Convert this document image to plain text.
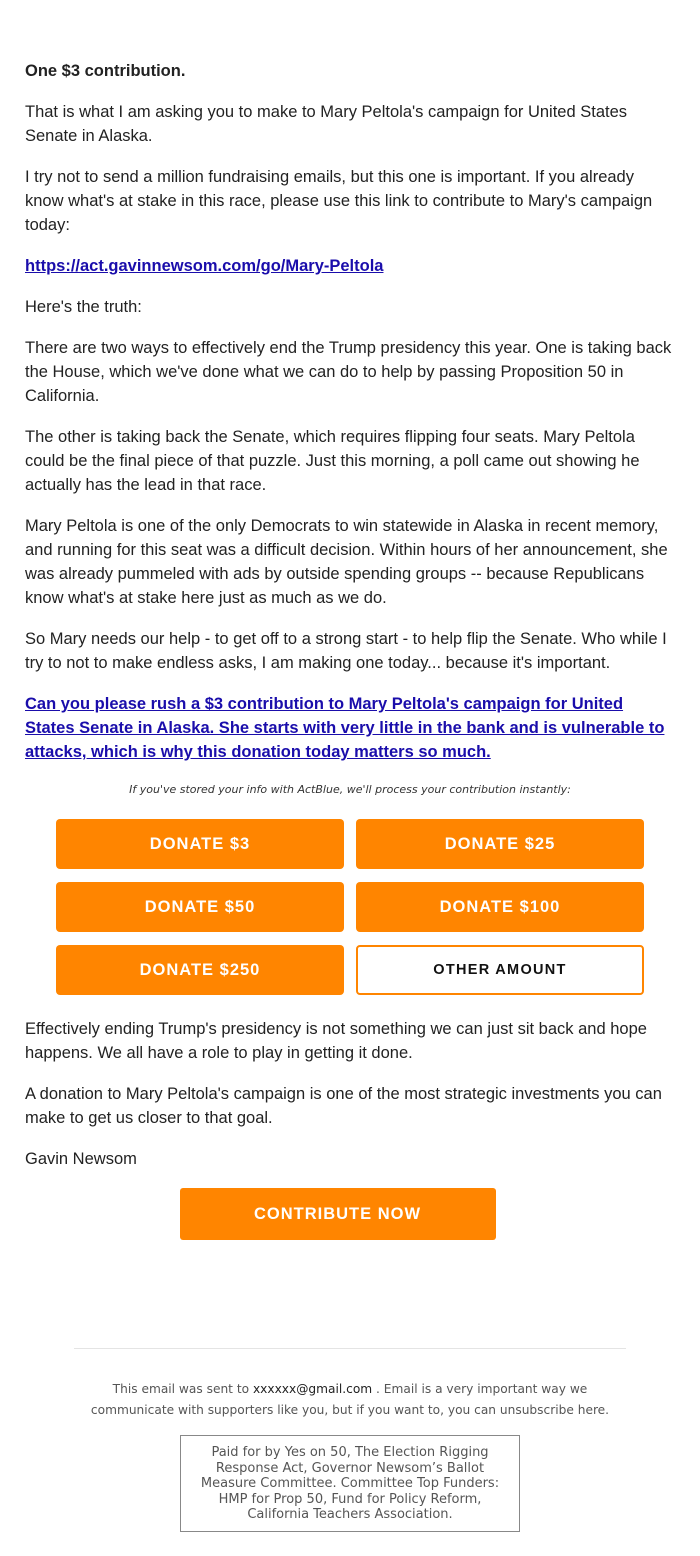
One $3 contribution.

That is what I am asking you to make to Mary Peltola's campaign for United States Senate in Alaska.

I try not to send a million fundraising emails, but this one is important. If you already know what's at stake in this race, please use this link to contribute to Mary's campaign today:

https://act.gavinnewsom.com/go/Mary-Peltola

Here's the truth:

There are two ways to effectively end the Trump presidency this year. One is taking back the House, which we've done what we can do to help by passing Proposition 50 in California.

The other is taking back the Senate, which requires flipping four seats. Mary Peltola could be the final piece of that puzzle. Just this morning, a poll came out showing he actually has the lead in that race.

Mary Peltola is one of the only Democrats to win statewide in Alaska in recent memory, and running for this seat was a difficult decision. Within hours of her announcement, she was already pummeled with ads by outside spending groups -- because Republicans know what's at stake here just as much as we do.

So Mary needs our help - to get off to a strong start - to help flip the Senate. Who while I try to not to make endless asks, I am making one today... because it's important.

Can you please rush a $3 contribution to Mary Peltola's campaign for United States Senate in Alaska. She starts with very little in the bank and is vulnerable to attacks, which is why this donation today matters so much.

If you've stored your info with ActBlue, we'll process your contribution instantly:
DONATE $3	DONATE $25
DONATE $50	DONATE $100
DONATE $250	OTHER AMOUNT

Effectively ending Trump's presidency is not something we can just sit back and hope happens. We all have a role to play in getting it done.

A donation to Mary Peltola's campaign is one of the most strategic investments you can make to get us closer to that goal.

Gavin Newsom

CONTRIBUTE NOW
This email was sent to xxxxxx@gmail.com . Email is a very important way we
communicate with supporters like you, but if you want to, you can unsubscribe here.
Paid for by Yes on 50, The Election Rigging Response Act, Governor Newsom’s Ballot Measure Committee. Committee Top Funders: HMP for Prop 50, Fund for Policy Reform, California Teachers Association.
